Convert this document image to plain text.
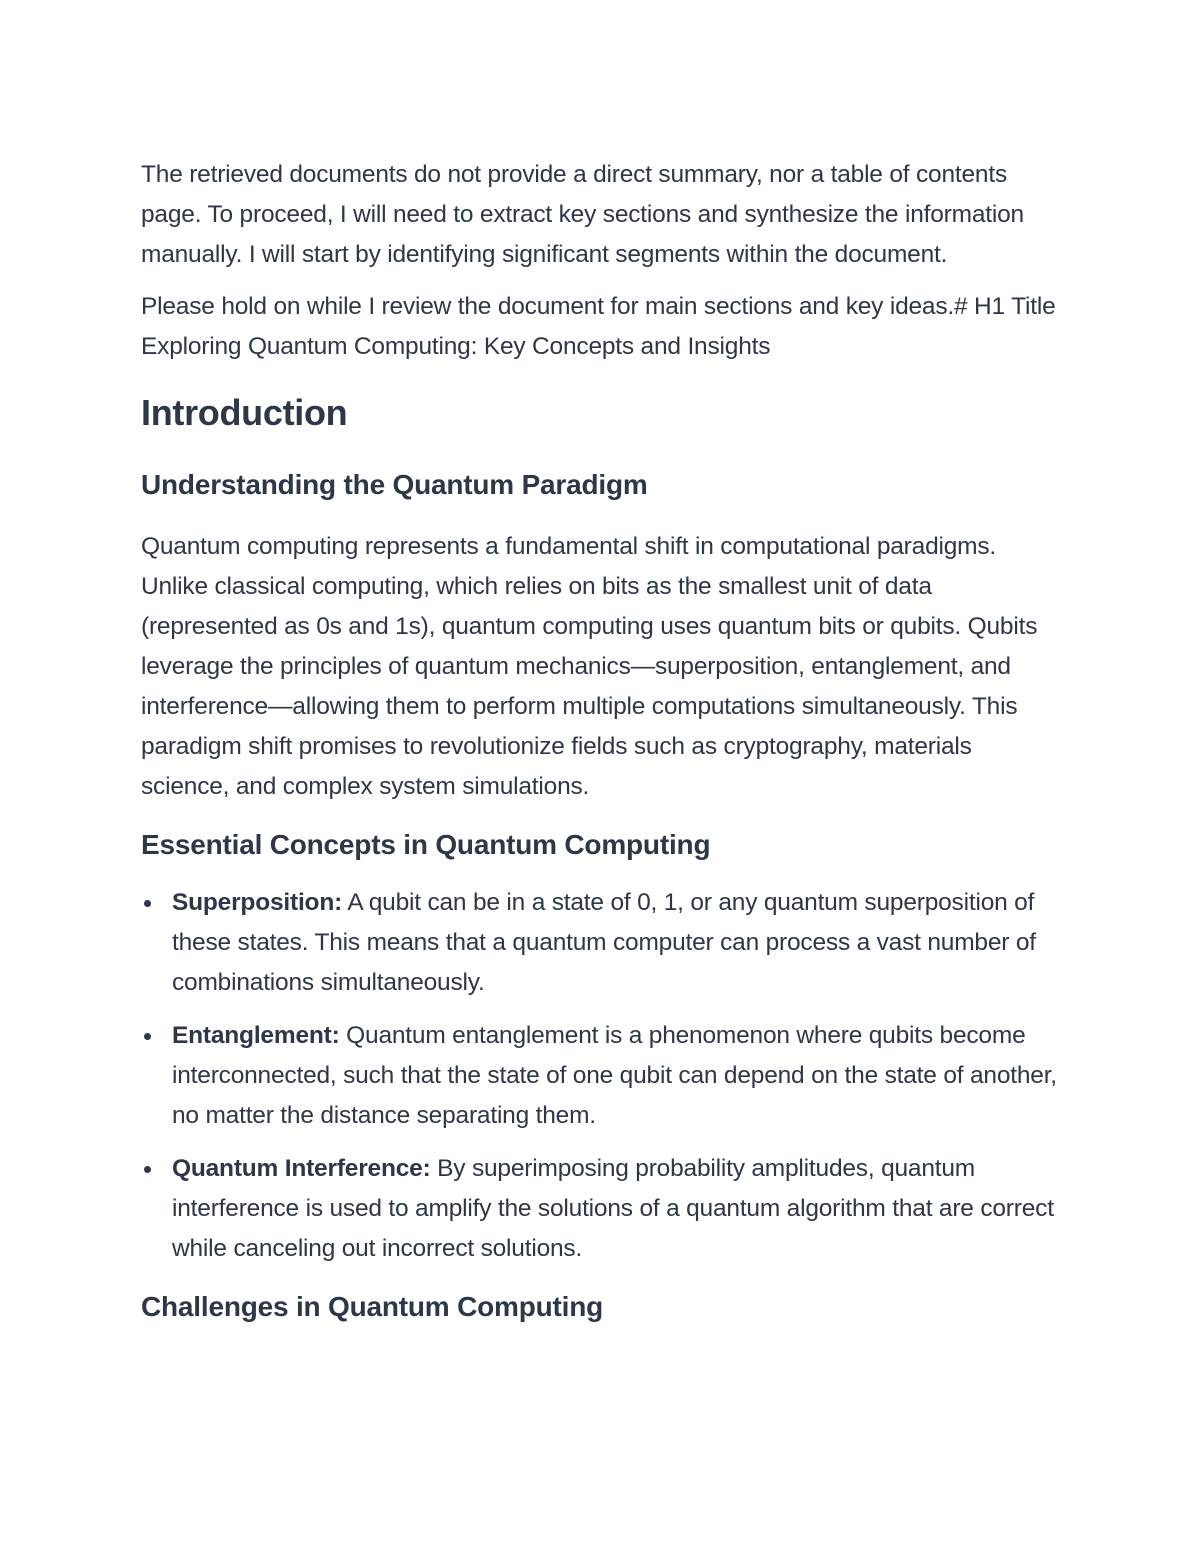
The retrieved documents do not provide a direct summary, nor a table of contents page. To proceed, I will need to extract key sections and synthesize the information manually. I will start by identifying significant segments within the document.

Please hold on while I review the document for main sections and key ideas.# H1 Title Exploring Quantum Computing: Key Concepts and Insights

Introduction
Understanding the Quantum Paradigm

Quantum computing represents a fundamental shift in computational paradigms. Unlike classical computing, which relies on bits as the smallest unit of data (represented as 0s and 1s), quantum computing uses quantum bits or qubits. Qubits leverage the principles of quantum mechanics—superposition, entanglement, and interference—allowing them to perform multiple computations simultaneously. This paradigm shift promises to revolutionize fields such as cryptography, materials science, and complex system simulations.

Essential Concepts in Quantum Computing
Superposition: A qubit can be in a state of 0, 1, or any quantum superposition of these states. This means that a quantum computer can process a vast number of combinations simultaneously.
Entanglement: Quantum entanglement is a phenomenon where qubits become interconnected, such that the state of one qubit can depend on the state of another, no matter the distance separating them.
Quantum Interference: By superimposing probability amplitudes, quantum interference is used to amplify the solutions of a quantum algorithm that are correct while canceling out incorrect solutions.
Challenges in Quantum Computing
